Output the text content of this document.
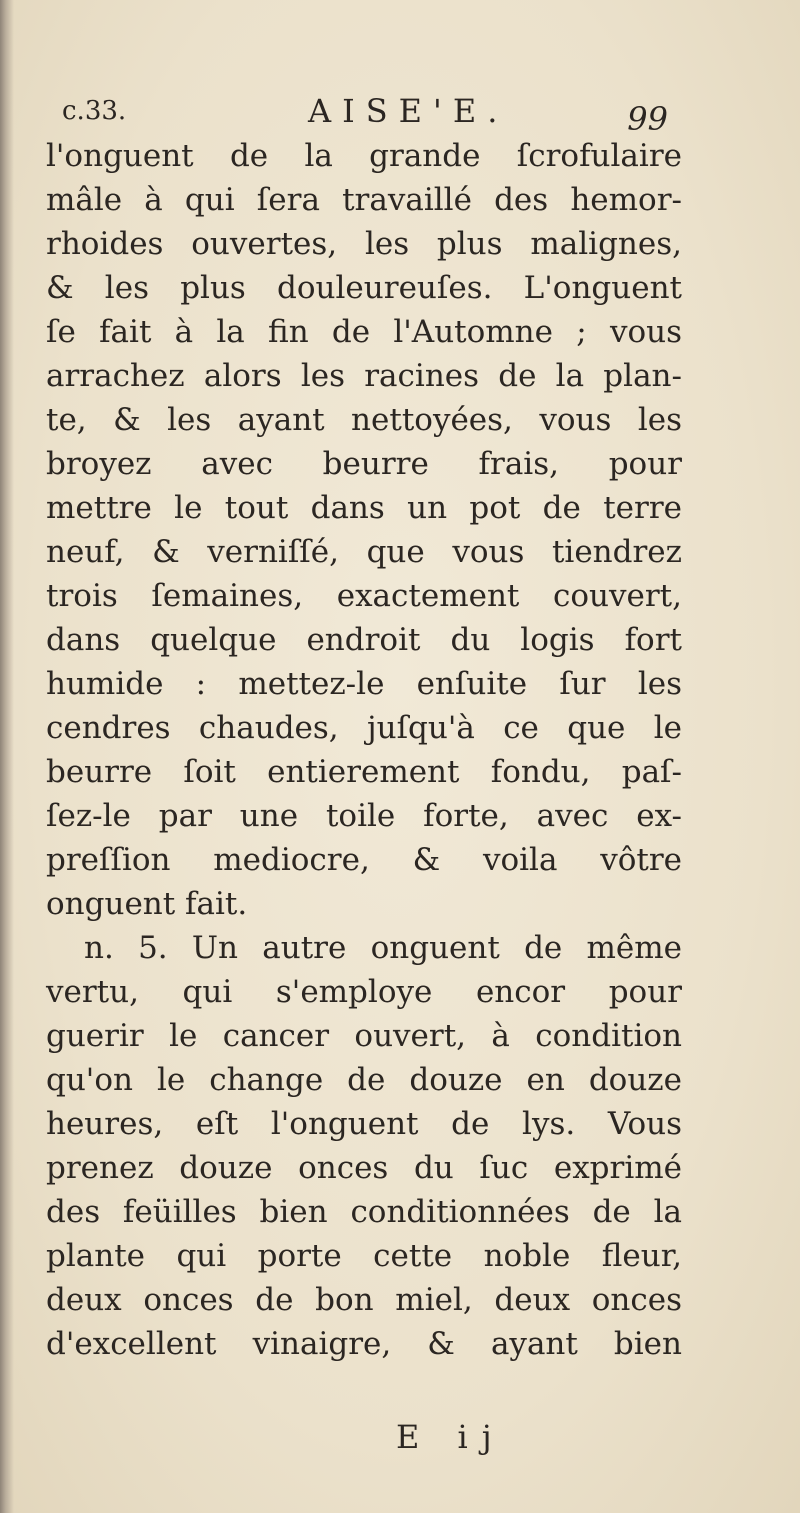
c.33.	AISE'E.	99
l'onguent de la grande ſcrofulaire
mâle à qui ſera travaillé des hemor-
rhoides ouvertes, les plus malignes,
& les plus douleureuſes. L'onguent
ſe fait à la fin de l'Automne ; vous
arrachez alors les racines de la plan-
te, & les ayant nettoyées, vous les
broyez avec beurre frais, pour
mettre le tout dans un pot de terre
neuf, & verniſſé, que vous tiendrez
trois ſemaines, exactement couvert,
dans quelque endroit du logis fort
humide : mettez-le enſuite ſur les
cendres chaudes, juſqu'à ce que le
beurre ſoit entierement fondu, paſ-
ſez-le par une toile forte, avec ex-
preſſion mediocre, & voila vôtre
onguent fait.
n. 5. Un autre onguent de même
vertu, qui s'employe encor pour
guerir le cancer ouvert, à condition
qu'on le change de douze en douze
heures, eſt l'onguent de lys. Vous
prenez douze onces du ſuc exprimé
des feüilles bien conditionnées de la
plante qui porte cette noble fleur,
deux onces de bon miel, deux onces
d'excellent vinaigre, & ayant bien
E ij
